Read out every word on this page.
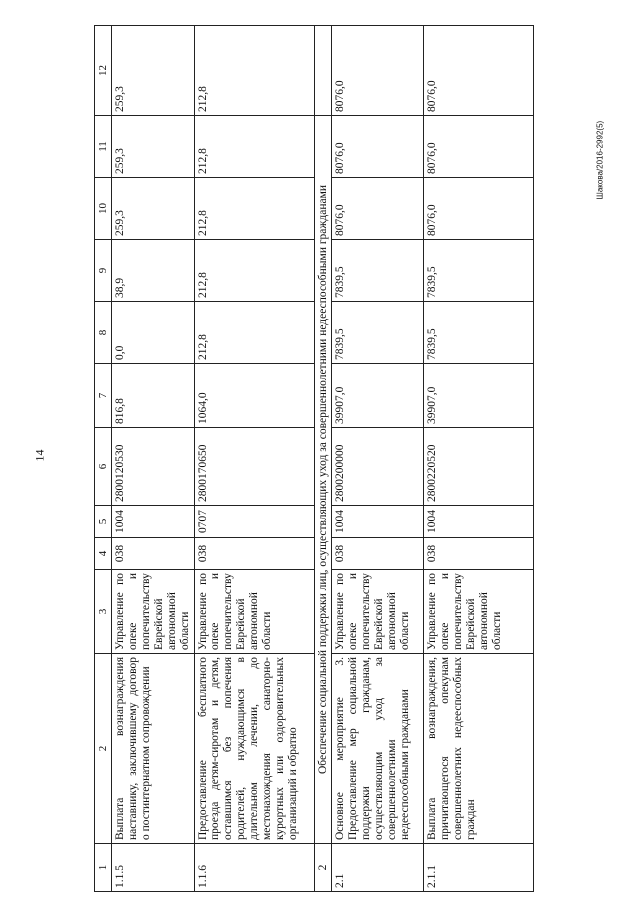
14
Шакова/2016-2992(5)
1	2	3	4	5	6	7	8	9	10	11	12
1.1.5	Выплата вознаграждения наставнику, заключившему договор о постинтернатном сопровождении	Управление по опеке и попечительству Еврейской автономной области	038	1004	2800120530	816,8	0,0	38,9	259,3	259,3	259,3
1.1.6	Предоставление бесплатного проезда детям-сиротам и детям, оставшимся без попечения родителей, нуждающимся в длительном лечении, до местонахождения санаторно-курортных или оздоровительных организаций и обратно	Управление по опеке и попечительству Еврейской автономной области	038	0707	2800170650	1064,0	212,8	212,8	212,8	212,8	212,8
2	Обеспечение социальной поддержки лиц, осуществляющих уход за совершеннолетними недееспособными гражданами										
2.1	Основное мероприятие 3. Предоставление мер социальной поддержки гражданам, осуществляющим уход за совершеннолетними недееспособными гражданами	Управление по опеке и попечительству Еврейской автономной области	038	1004	2800200000	39907,0	7839,5	7839,5	8076,0	8076,0	8076,0
2.1.1	Выплата вознаграждения, причитающегося опекунам совершеннолетних недееспособных граждан	Управление по опеке и попечительству Еврейской автономной области	038	1004	2800220520	39907,0	7839,5	7839,5	8076,0	8076,0	8076,0
